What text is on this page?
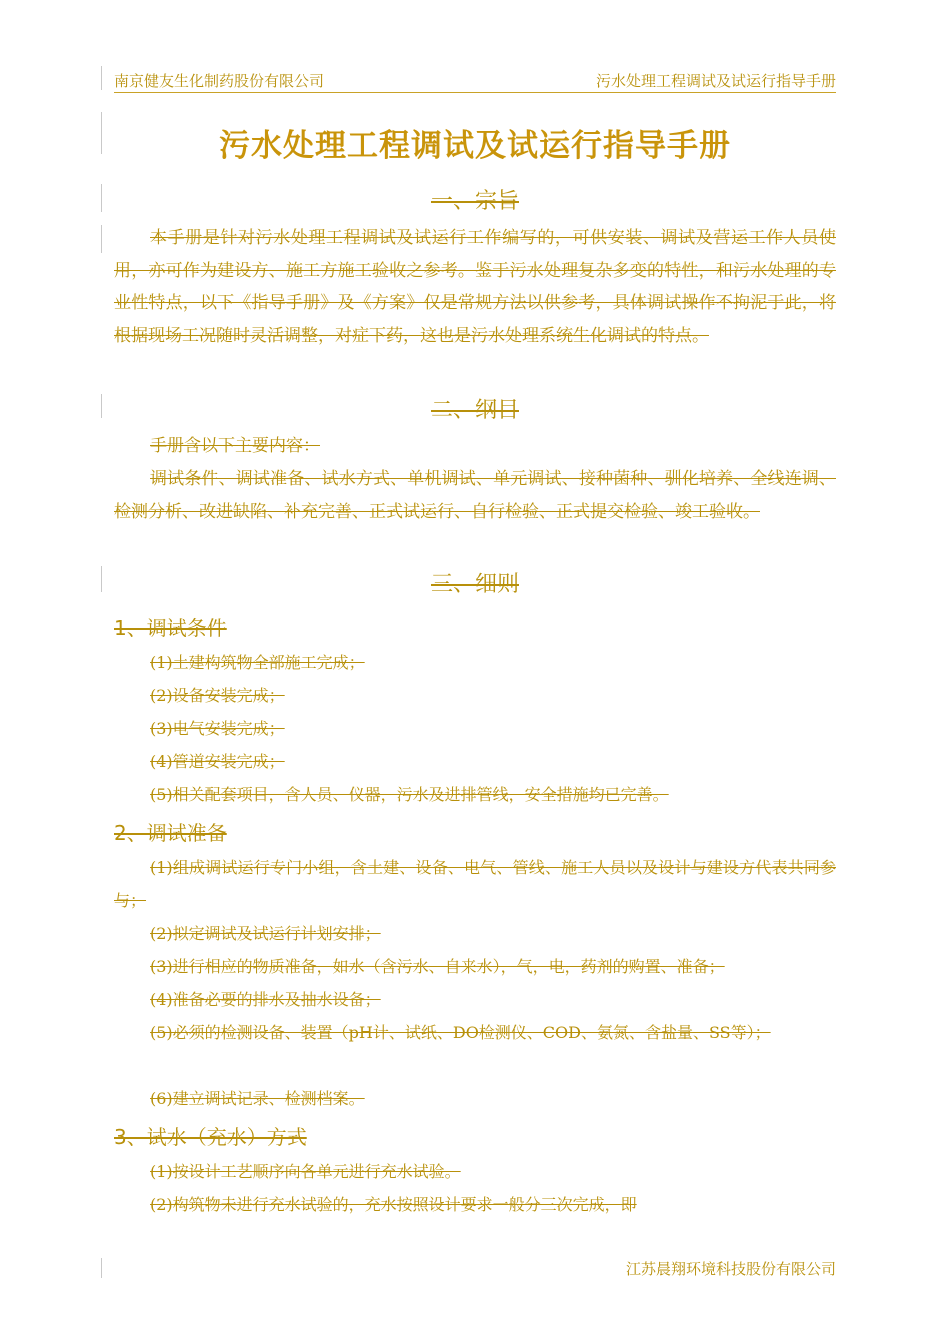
南京健友生化制药股份有限公司	污水处理工程调试及试运行指导手册
污水处理工程调试及试运行指导手册
一、宗旨
本手册是针对污水处理工程调试及试运行工作编写的，可供安装、调试及营运工作人员使用，亦可作为建设方、施工方施工验收之参考。鉴于污水处理复杂多变的特性，和污水处理的专业性特点，以下《指导手册》及《方案》仅是常规方法以供参考，具体调试操作不拘泥于此，将根据现场工况随时灵活调整，对症下药，这也是污水处理系统生化调试的特点。
二、纲目
手册含以下主要内容：
调试条件、调试准备、试水方式、单机调试、单元调试、接种菌种、驯化培养、全线连调、检测分析、改进缺陷、补充完善、正式试运行、自行检验、正式提交检验、竣工验收。
三、细则
1、调试条件
(1)土建构筑物全部施工完成；
(2)设备安装完成；
(3)电气安装完成；
(4)管道安装完成；
(5)相关配套项目，含人员、仪器，污水及进排管线，安全措施均已完善。
2、调试准备
(1)组成调试运行专门小组，含土建、设备、电气、管线、施工人员以及设计与建设方代表共同参与；
(2)拟定调试及试运行计划安排；
(3)进行相应的物质准备，如水（含污水、自来水），气，电，药剂的购置、准备；
(4)准备必要的排水及抽水设备；
(5)必须的检测设备、装置（pH计、试纸、DO检测仪、COD、氨氮、含盐量、SS等）；
(6)建立调试记录、检测档案。
3、试水（充水）方式
(1)按设计工艺顺序向各单元进行充水试验。
(2)构筑物未进行充水试验的，充水按照设计要求一般分三次完成，即
江苏晨翔环境科技股份有限公司
